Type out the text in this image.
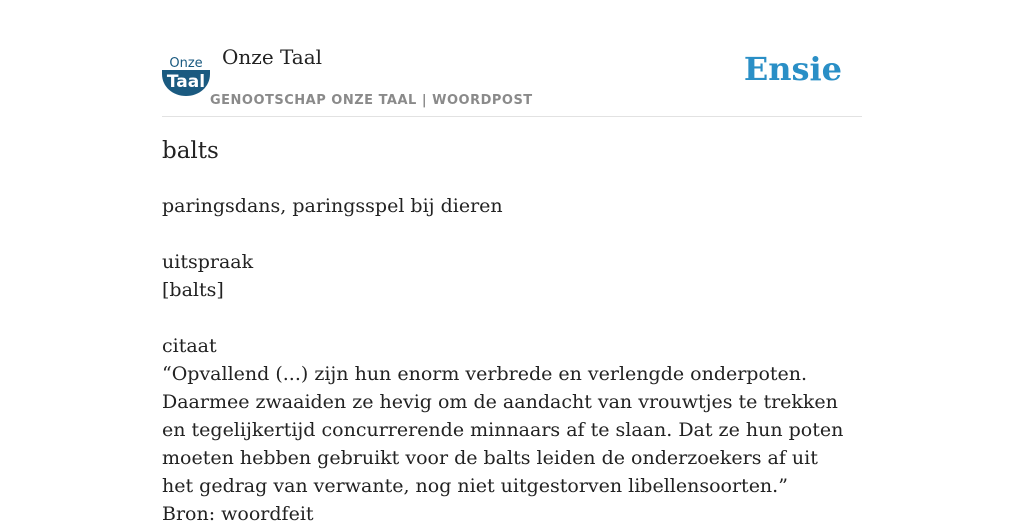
Onze
Taal
Onze Taal
GENOOTSCHAP ONZE TAAL | WOORDPOST
Ensie
balts

paringsdans, paringsspel bij dieren

uitspraak

[balts]

citaat

“Opvallend (...) zijn hun enorm verbrede en verlengde onderpoten. Daarmee zwaaiden ze hevig om de aandacht van vrouwtjes te trekken en tegelijkertijd concurrerende minnaars af te slaan. Dat ze hun poten moeten hebben gebruikt voor de balts leiden de onderzoekers af uit het gedrag van verwante, nog niet uitgestorven libellensoorten.”

Bron: woordfeit
